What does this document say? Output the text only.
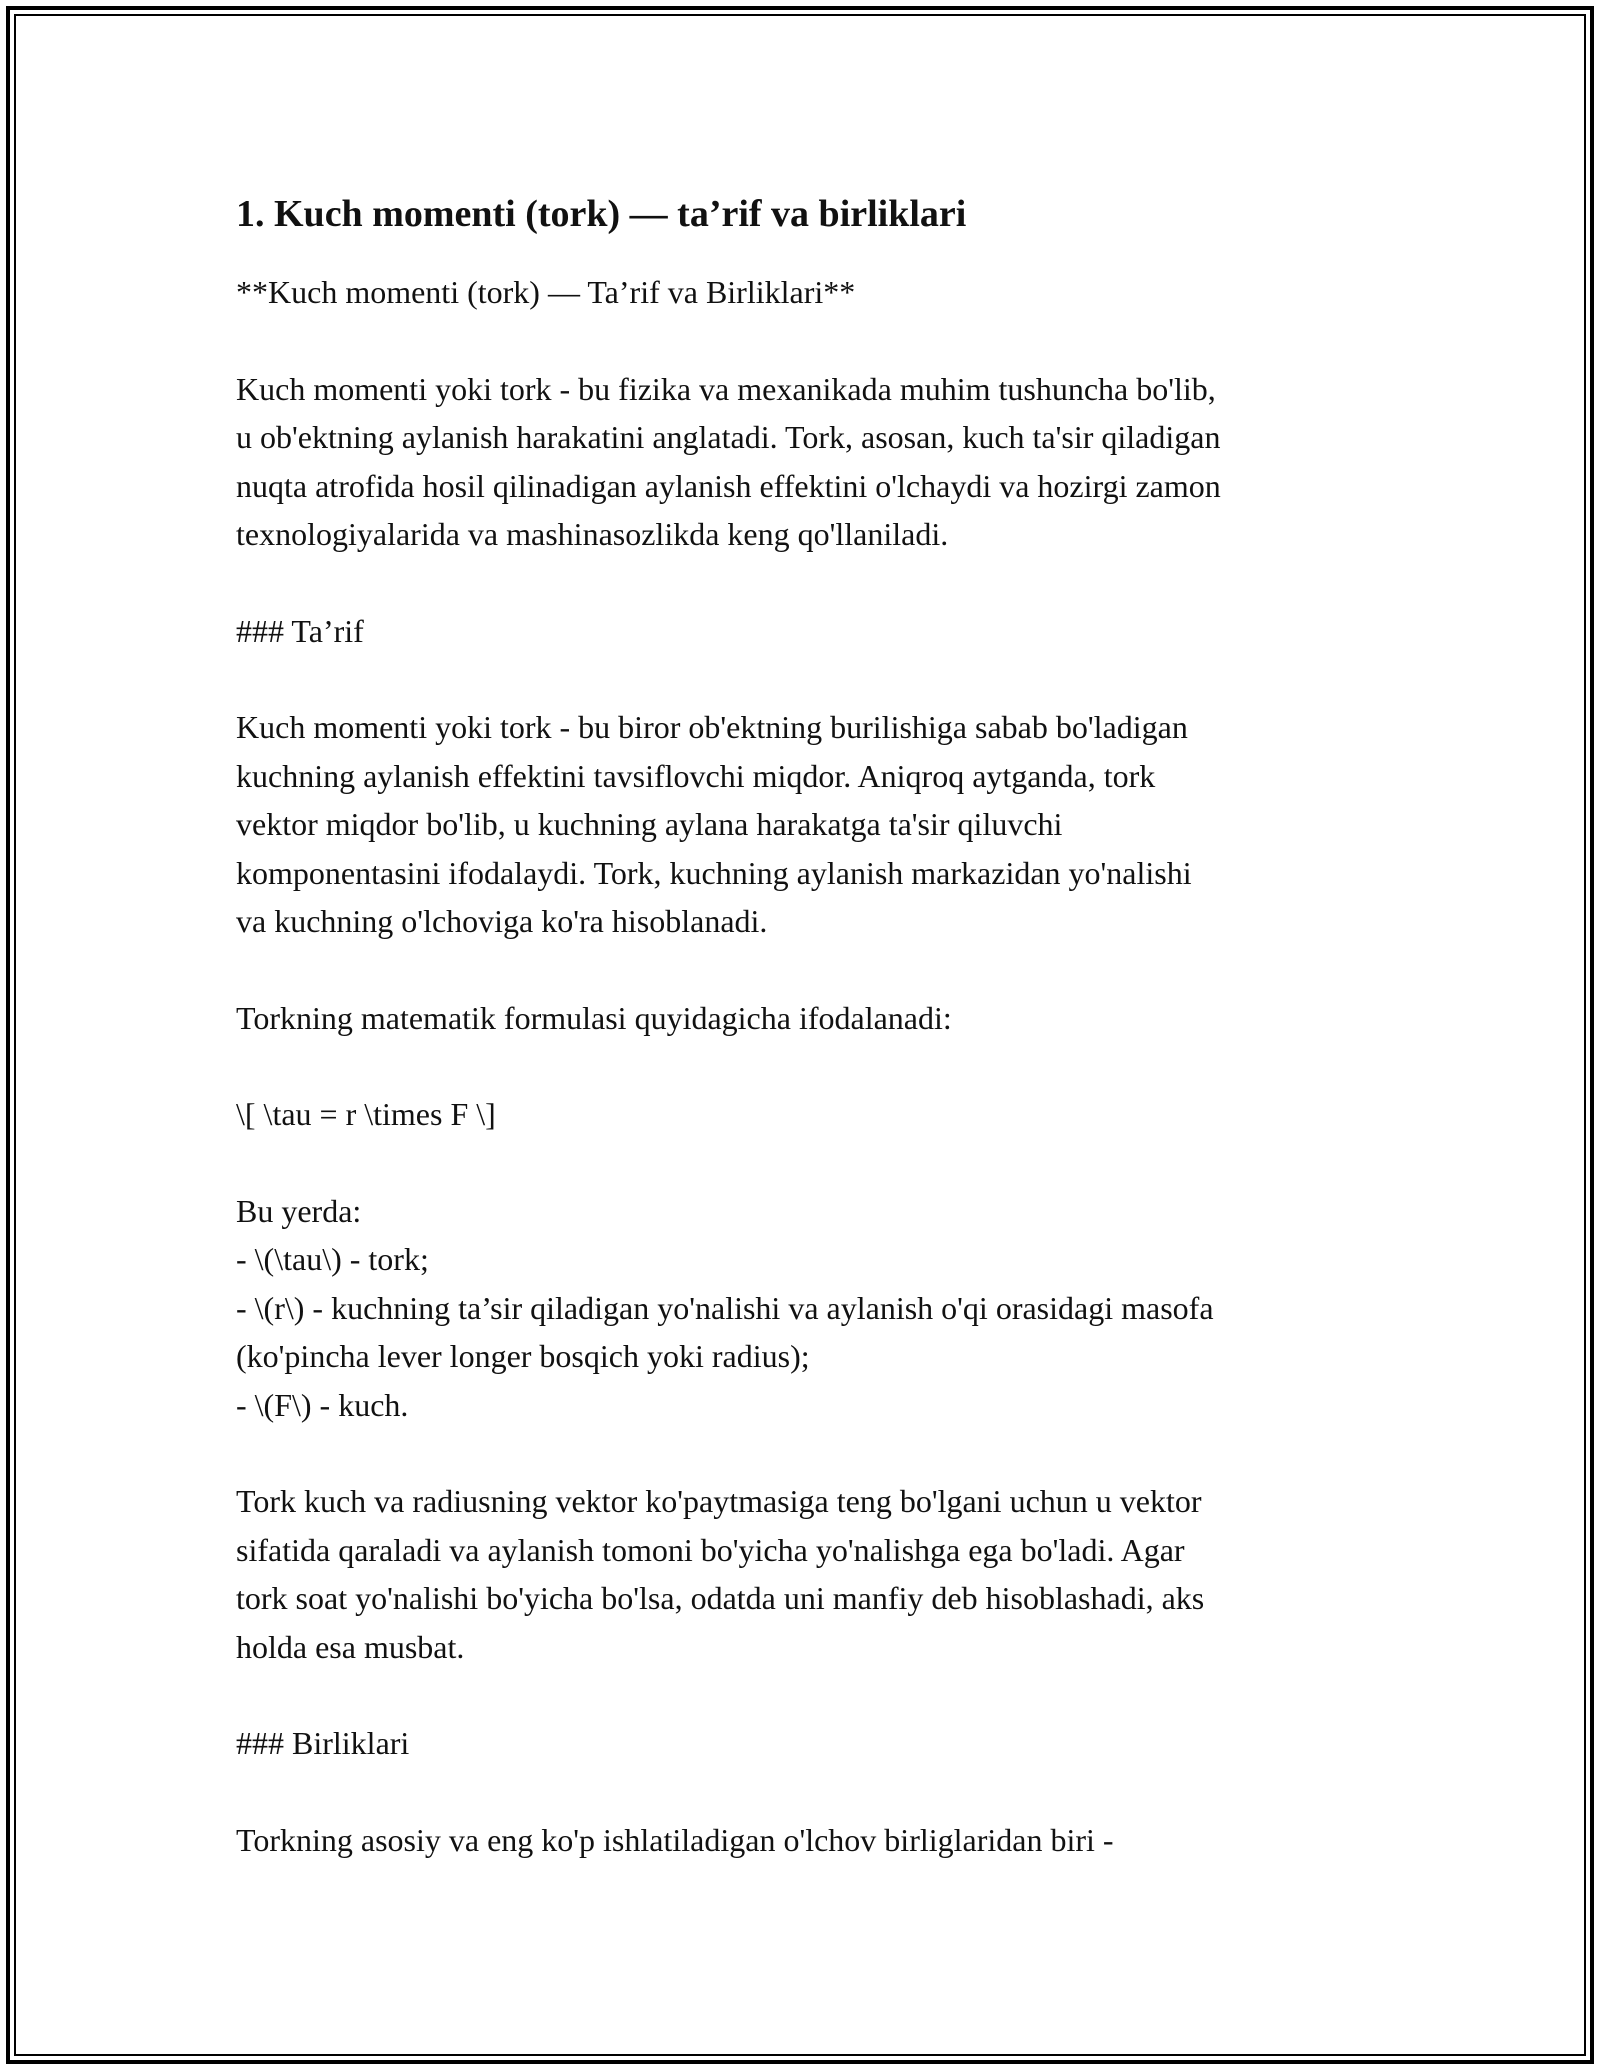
1. Kuch momenti (tork) — ta’rif va birliklari

**Kuch momenti (tork) — Ta’rif va Birliklari**

Kuch momenti yoki tork - bu fizika va mexanikada muhim tushuncha bo'lib,
u ob'ektning aylanish harakatini anglatadi. Tork, asosan, kuch ta'sir qiladigan
nuqta atrofida hosil qilinadigan aylanish effektini o'lchaydi va hozirgi zamon
texnologiyalarida va mashinasozlikda keng qo'llaniladi.

### Ta’rif

Kuch momenti yoki tork - bu biror ob'ektning burilishiga sabab bo'ladigan
kuchning aylanish effektini tavsiflovchi miqdor. Aniqroq aytganda, tork
vektor miqdor bo'lib, u kuchning aylana harakatga ta'sir qiluvchi
komponentasini ifodalaydi. Tork, kuchning aylanish markazidan yo'nalishi
va kuchning o'lchoviga ko'ra hisoblanadi.

Torkning matematik formulasi quyidagicha ifodalanadi:

\[ \tau = r \times F \]

Bu yerda:
- \(\tau\) - tork;
- \(r\) - kuchning ta’sir qiladigan yo'nalishi va aylanish o'qi orasidagi masofa
(ko'pincha lever longer bosqich yoki radius);
- \(F\) - kuch.

Tork kuch va radiusning vektor ko'paytmasiga teng bo'lgani uchun u vektor
sifatida qaraladi va aylanish tomoni bo'yicha yo'nalishga ega bo'ladi. Agar
tork soat yo'nalishi bo'yicha bo'lsa, odatda uni manfiy deb hisoblashadi, aks
holda esa musbat.

### Birliklari

Torkning asosiy va eng ko'p ishlatiladigan o'lchov birliglaridan biri -
